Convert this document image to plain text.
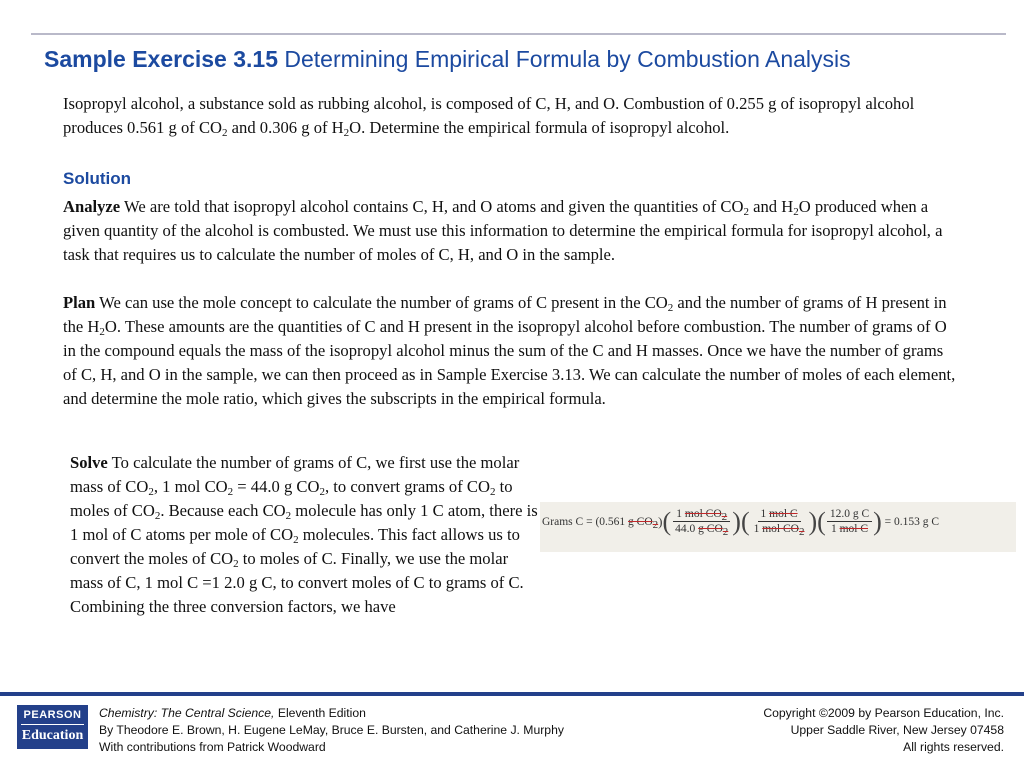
Sample Exercise 3.15 Determining Empirical Formula by Combustion Analysis

Isopropyl alcohol, a substance sold as rubbing alcohol, is composed of C, H, and O. Combustion of 0.255 g of isopropyl alcohol produces 0.561 g of $CO_2$ and 0.306 g of $H_2O$. Determine the empirical formula of isopropyl alcohol.

Solution

Analyze We are told that isopropyl alcohol contains C, H, and O atoms and given the quantities of $CO_2$ and $H_2O$ produced when a given quantity of the alcohol is combusted. We must use this information to determine the empirical formula for isopropyl alcohol, a task that requires us to calculate the number of moles of C, H, and O in the sample.

Plan We can use the mole concept to calculate the number of grams of C present in the $CO_2$ and the number of grams of H present in the $H_2O$. These amounts are the quantities of C and H present in the isopropyl alcohol before combustion. The number of grams of O in the compound equals the mass of the isopropyl alcohol minus the sum of the C and H masses. Once we have the number of grams of C, H, and O in the sample, we can then proceed as in Sample Exercise 3.13. We can calculate the number of moles of each element, and determine the mole ratio, which gives the subscripts in the empirical formula.

Solve To calculate the number of grams of C, we first use the molar mass of $CO_2$, 1 mol $CO_2 = 44.0$ g $CO_2$, to convert grams of $CO_2$ to moles of $CO_2$. Because each $CO_2$ molecule has only 1 C atom, there is 1 mol of C atoms per mole of $CO_2$ molecules. This fact allows us to convert the moles of $CO_2$ to moles of C. Finally, we use the molar mass of C, 1 mol C =1 2.0 g C, to convert moles of C to grams of C. Combining the three conversion factors, we have

Grams C = (0.561
g $CO_2$ ) ( $\frac{1 mol CO_2}{44.0 g CO_2}$ ) ( $\frac{\text{1 mol C}}{1 mol CO_2}$ ) ( $\frac{\text{12.0 g C}}{\text{1 mol C}}$ )
= 0.153 g C
PEARSON
Education
Chemistry: The Central Science, Eleventh Edition
By Theodore E. Brown, H. Eugene LeMay, Bruce E. Bursten, and Catherine J. Murphy
With contributions from Patrick Woodward
Copyright ©2009 by Pearson Education, Inc.
Upper Saddle River, New Jersey 07458
All rights reserved.
